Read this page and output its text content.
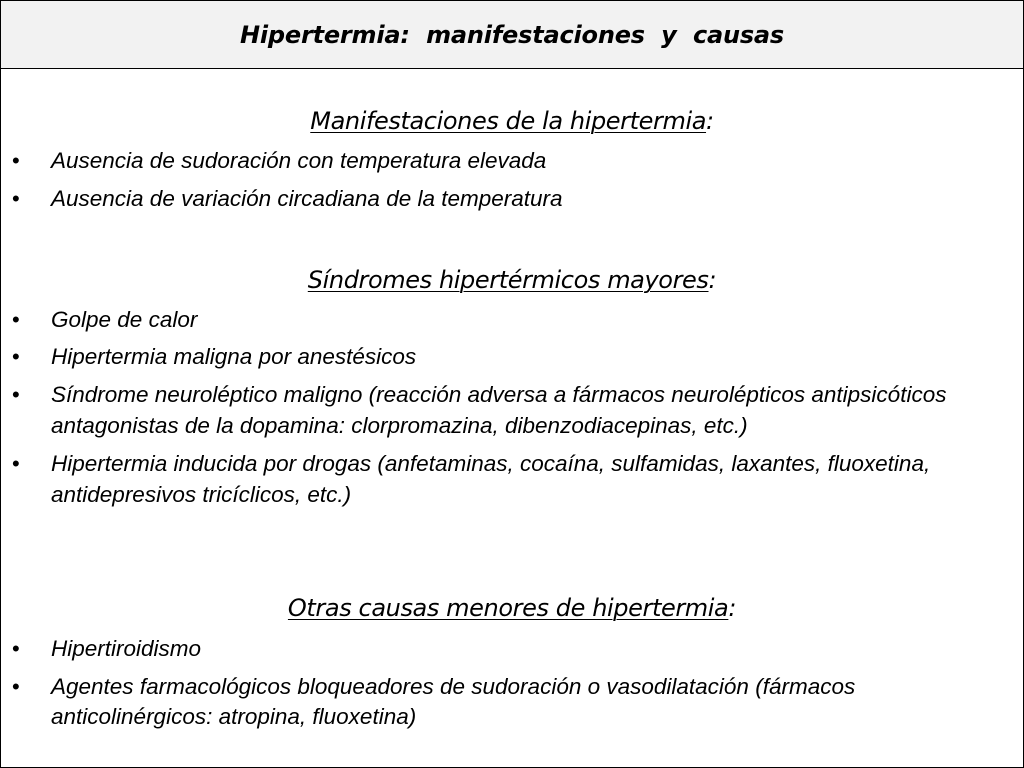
Hipertermia:  manifestaciones  y  causas
Manifestaciones de la hipertermia:
• Ausencia de sudoración con temperatura elevada
• Ausencia de variación circadiana de la temperatura
Síndromes hipertérmicos mayores:
• Golpe de calor
• Hipertermia maligna por anestésicos
• Síndrome neuroléptico maligno (reacción adversa a fármacos neurolépticos antipsicóticos antagonistas de la dopamina: clorpromazina, dibenzodiacepinas, etc.)
• Hipertermia inducida por drogas (anfetaminas, cocaína, sulfamidas, laxantes, fluoxetina, antidepresivos tricíclicos, etc.)
Otras causas menores de hipertermia:
• Hipertiroidismo
• Agentes farmacológicos bloqueadores de sudoración o vasodilatación (fármacos anticolinérgicos: atropina, fluoxetina)
